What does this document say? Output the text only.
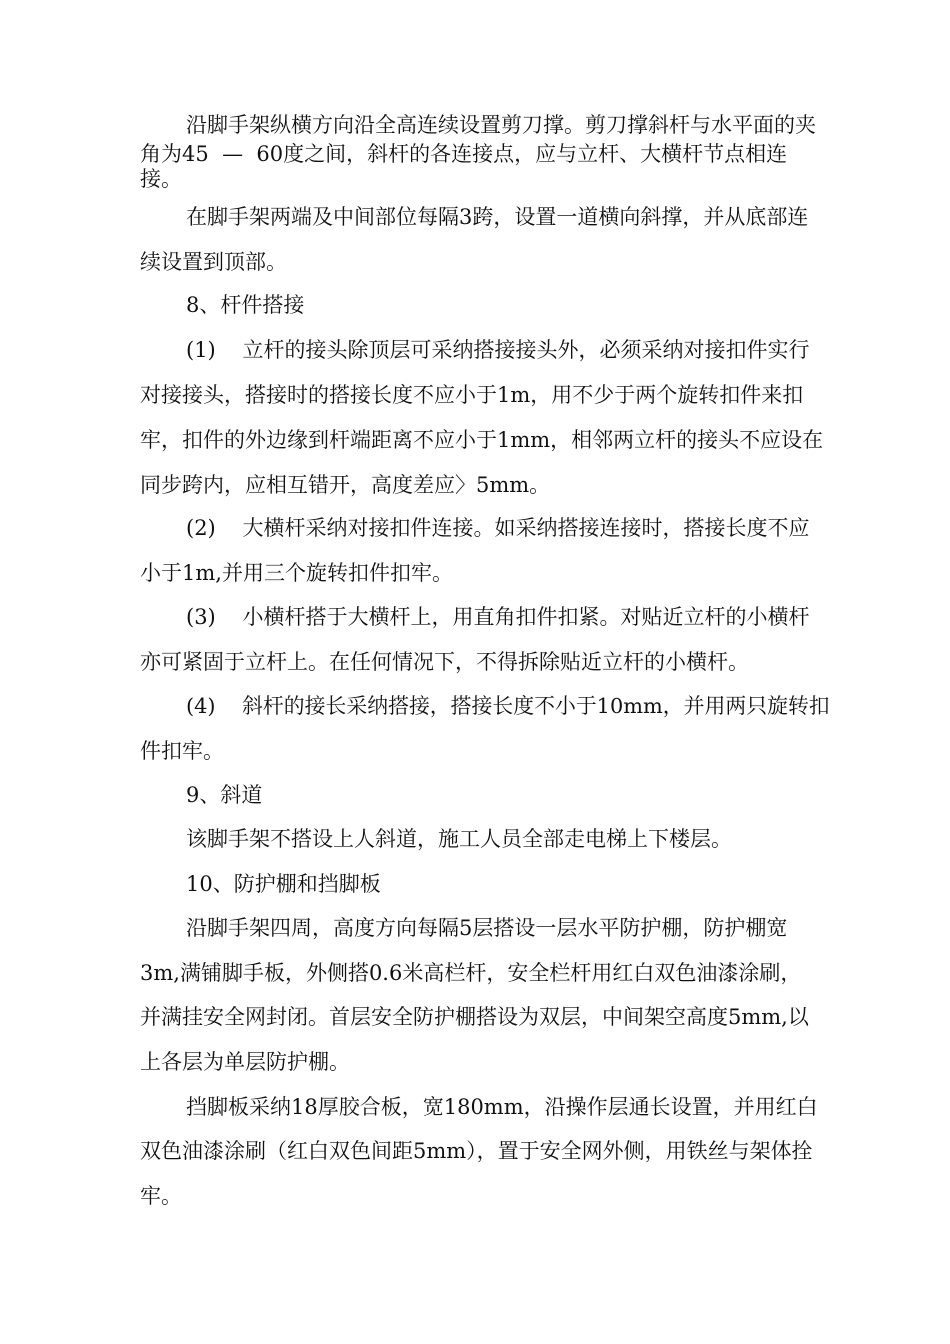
沿脚手架纵横方向沿全高连续设置剪刀撑。剪刀撑斜杆与水平面的夹
角为45  —  60度之间，斜杆的各连接点，应与立杆、大横杆节点相连
接。
在脚手架两端及中间部位每隔3跨，设置一道横向斜撑，并从底部连
续设置到顶部。
8、杆件搭接
(1)    立杆的接头除顶层可采纳搭接接头外，必须采纳对接扣件实行
对接接头，搭接时的搭接长度不应小于1m，用不少于两个旋转扣件来扣
牢，扣件的外边缘到杆端距离不应小于1mm，相邻两立杆的接头不应设在
同步跨内，应相互错开，高度差应〉5mm。
(2)    大横杆采纳对接扣件连接。如采纳搭接连接时，搭接长度不应
小于1m,并用三个旋转扣件扣牢。
(3)    小横杆搭于大横杆上，用直角扣件扣紧。对贴近立杆的小横杆
亦可紧固于立杆上。在任何情况下，不得拆除贴近立杆的小横杆。
(4)    斜杆的接长采纳搭接，搭接长度不小于10mm，并用两只旋转扣
件扣牢。
9、斜道
该脚手架不搭设上人斜道，施工人员全部走电梯上下楼层。
10、防护棚和挡脚板
沿脚手架四周，高度方向每隔5层搭设一层水平防护棚，防护棚宽
3m,满铺脚手板，外侧搭0.6米高栏杆，安全栏杆用红白双色油漆涂刷，
并满挂安全网封闭。首层安全防护棚搭设为双层，中间架空高度5mm,以
上各层为单层防护棚。
挡脚板采纳18厚胶合板，宽180mm，沿操作层通长设置，并用红白
双色油漆涂刷（红白双色间距5mm），置于安全网外侧，用铁丝与架体拴
牢。
